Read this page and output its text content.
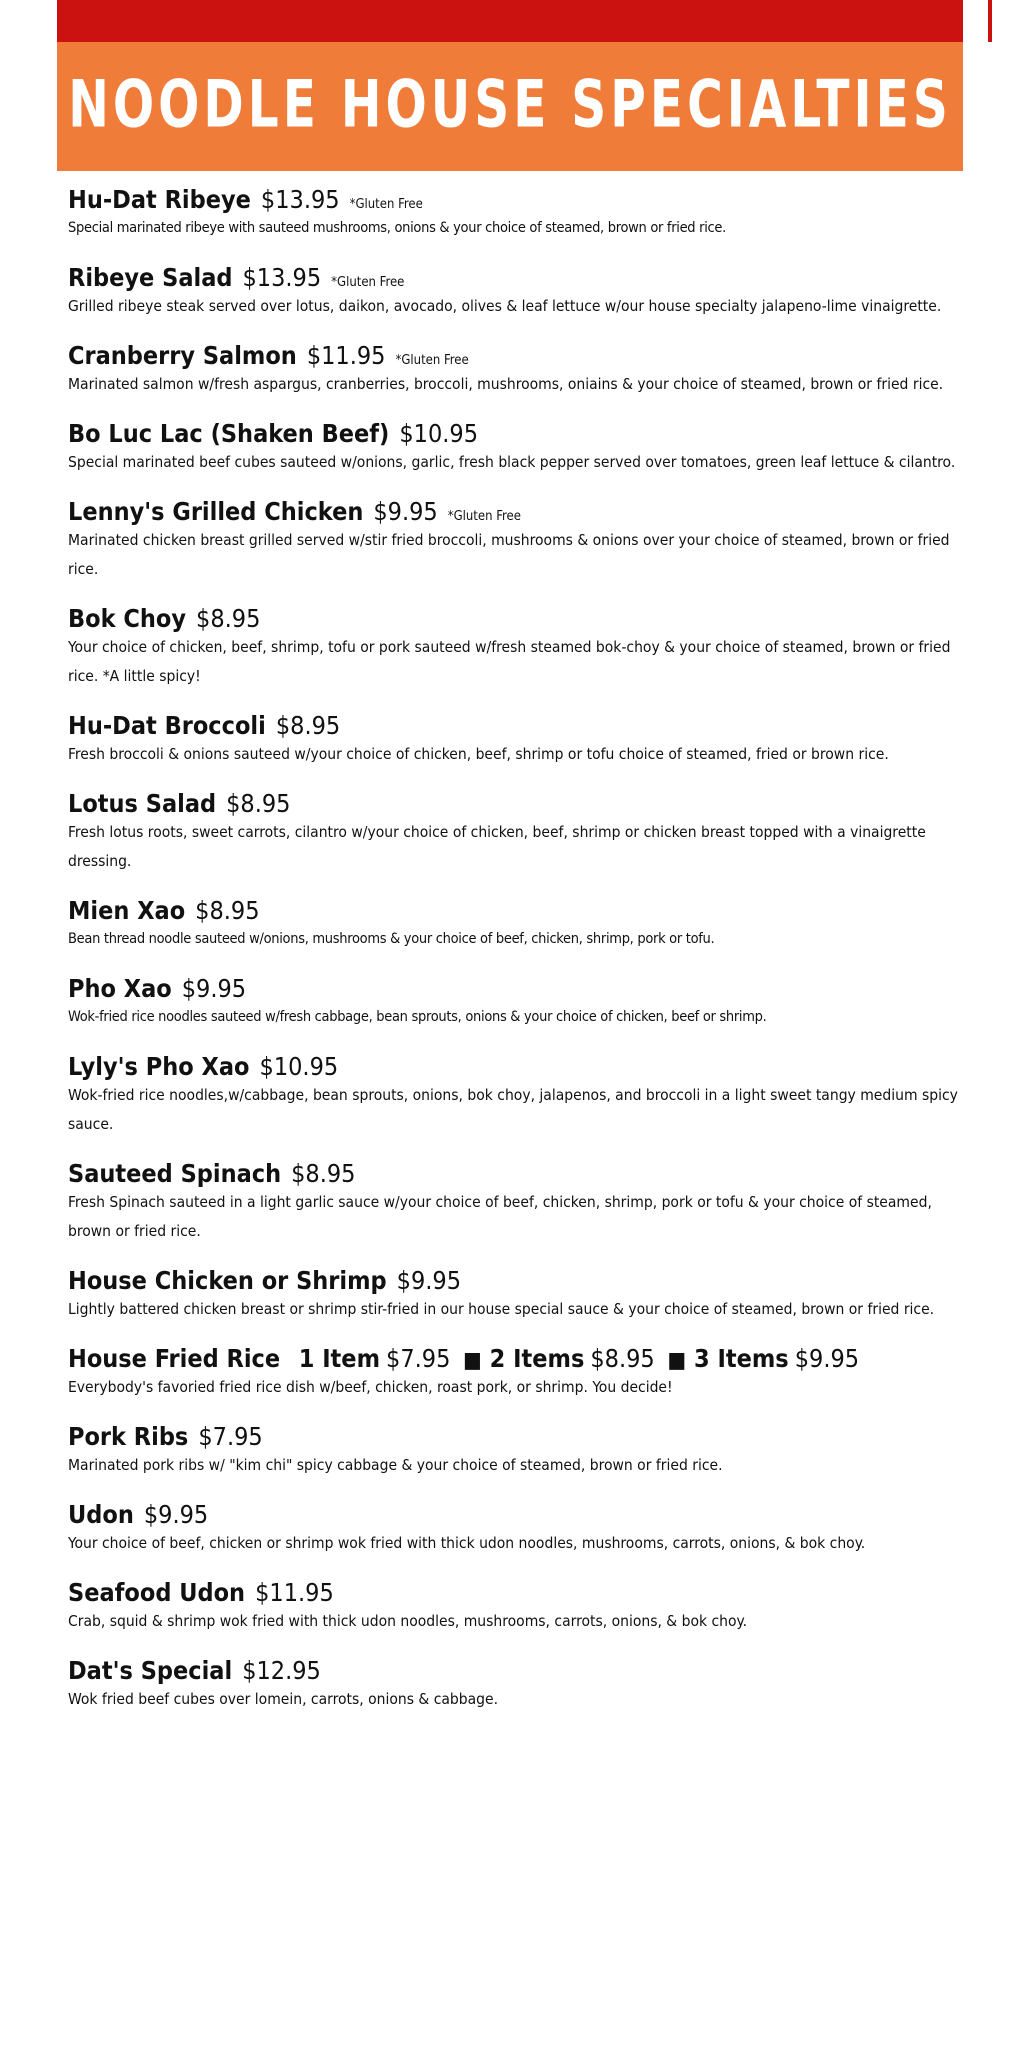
NOODLE HOUSE SPECIALTIES
Hu-Dat Ribeye $13.95 *Gluten Free
Special marinated ribeye with sauteed mushrooms, onions & your choice of steamed, brown or fried rice.
Ribeye Salad $13.95 *Gluten Free
Grilled ribeye steak served over lotus, daikon, avocado, olives & leaf lettuce w/our house specialty jalapeno-lime vinaigrette.
Cranberry Salmon $11.95 *Gluten Free
Marinated salmon w/fresh aspargus, cranberries, broccoli, mushrooms, oniains & your choice of steamed, brown or fried rice.
Bo Luc Lac (Shaken Beef) $10.95
Special marinated beef cubes sauteed w/onions, garlic, fresh black pepper served over tomatoes, green leaf lettuce & cilantro.
Lenny's Grilled Chicken $9.95 *Gluten Free
Marinated chicken breast grilled served w/stir fried broccoli, mushrooms & onions over your choice of steamed, brown or fried rice.
Bok Choy $8.95
Your choice of chicken, beef, shrimp, tofu or pork sauteed w/fresh steamed bok-choy & your choice of steamed, brown or fried rice. *A little spicy!
Hu-Dat Broccoli $8.95
Fresh broccoli & onions sauteed w/your choice of chicken, beef, shrimp or tofu choice of steamed, fried or brown rice.
Lotus Salad $8.95
Fresh lotus roots, sweet carrots, cilantro w/your choice of chicken, beef, shrimp or chicken breast topped with a vinaigrette dressing.
Mien Xao $8.95
Bean thread noodle sauteed w/onions, mushrooms & your choice of beef, chicken, shrimp, pork or tofu.
Pho Xao $9.95
Wok-fried rice noodles sauteed w/fresh cabbage, bean sprouts, onions & your choice of chicken, beef or shrimp.
Lyly's Pho Xao $10.95
Wok-fried rice noodles,w/cabbage, bean sprouts, onions, bok choy, jalapenos, and broccoli in a light sweet tangy medium spicy sauce.
Sauteed Spinach $8.95
Fresh Spinach sauteed in a light garlic sauce w/your choice of beef, chicken, shrimp, pork or tofu & your choice of steamed, brown or fried rice.
House Chicken or Shrimp $9.95
Lightly battered chicken breast or shrimp stir-fried in our house special sauce & your choice of steamed, brown or fried rice.
House Fried Rice 1 Item $7.95 ■ 2 Items $8.95 ■ 3 Items $9.95
Everybody's favoried fried rice dish w/beef, chicken, roast pork, or shrimp. You decide!
Pork Ribs $7.95
Marinated pork ribs w/ "kim chi" spicy cabbage & your choice of steamed, brown or fried rice.
Udon $9.95
Your choice of beef, chicken or shrimp wok fried with thick udon noodles, mushrooms, carrots, onions, & bok choy.
Seafood Udon $11.95
Crab, squid & shrimp wok fried with thick udon noodles, mushrooms, carrots, onions, & bok choy.
Dat's Special $12.95
Wok fried beef cubes over lomein, carrots, onions & cabbage.
